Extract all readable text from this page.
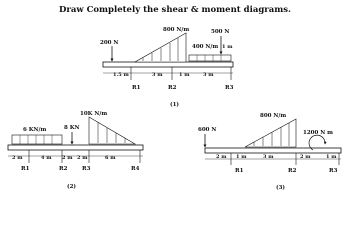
Draw Completely the shear & moment diagrams.
200 N
800 N/m	500 N
400 N/m
1.5 m	3 m	1 m	3 m
1 m
R1	R2	R3
(1)
6 KN/m	8 KN
10K N/m
2 m	4 m 2 m 2 m	6 m
R1	R2	R3	R4
(2)
600 N
800 N/m
1200 N m
2 m 1 m	3 m	2 m	1 m
R1	R2	R3
(3)
